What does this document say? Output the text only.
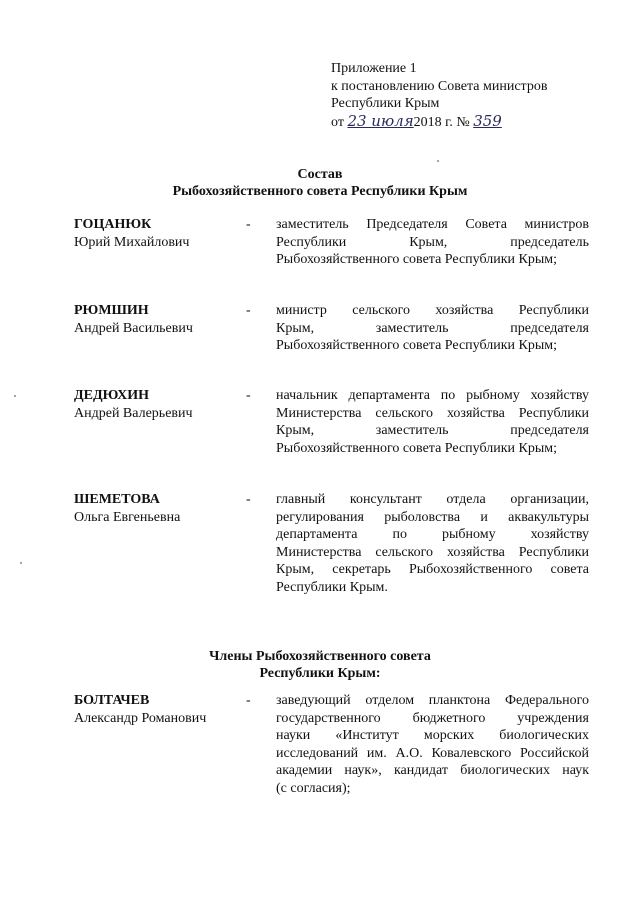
Приложение 1
к постановлению Совета министров
Республики Крым
от 23 июля2018 г. № 359
Состав
Рыбохозяйственного совета Республики Крым
ГОЦАНЮК
Юрий Михайлович
- заместитель Председателя Совета министров
Республики Крым, председатель
Рыбохозяйственного совета Республики Крым;
РЮМШИН
Андрей Васильевич
- министр сельского хозяйства Республики
Крым, заместитель председателя
Рыбохозяйственного совета Республики Крым;
ДЕДЮХИН
Андрей Валерьевич
- начальник департамента по рыбному хозяйству
Министерства сельского хозяйства Республики
Крым, заместитель председателя
Рыбохозяйственного совета Республики Крым;
ШЕМЕТОВА
Ольга Евгеньевна
- главный консультант отдела организации,
регулирования рыболовства и аквакультуры
департамента по рыбному хозяйству
Министерства сельского хозяйства Республики
Крым, секретарь Рыбохозяйственного совета
Республики Крым.
Члены Рыбохозяйственного совета
Республики Крым:
БОЛТАЧЕВ
Александр Романович
- заведующий отделом планктона Федерального
государственного бюджетного учреждения
науки «Институт морских биологических
исследований им. А.О. Ковалевского Российской
академии наук», кандидат биологических наук
(с согласия);
